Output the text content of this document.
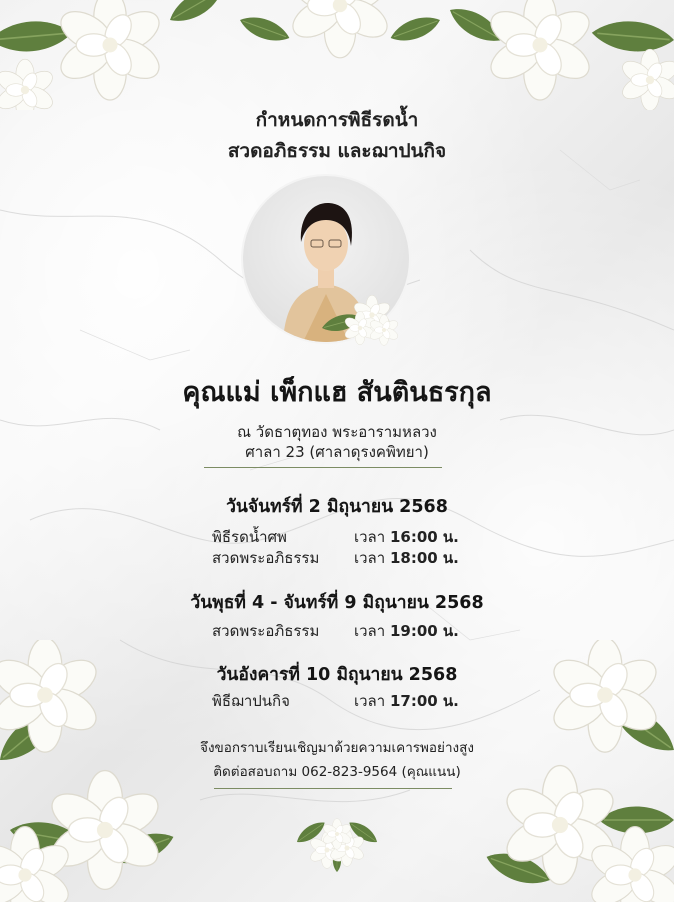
กำหนดการพิธีรดน้ำ
สวดอภิธรรม และฌาปนกิจ
คุณแม่ เพ็กแฮ สันตินธรกุล
ณ วัดธาตุทอง พระอารามหลวง
ศาลา 23 (ศาลาดุรงคพิทยา)
วันจันทร์ที่ 2 มิถุนายน 2568
พิธีรดน้ำศพ	เวลา 16:00 น.
สวดพระอภิธรรม เวลา 18:00 น.
วันพุธที่ 4 - จันทร์ที่ 9 มิถุนายน 2568
สวดพระอภิธรรม เวลา 19:00 น.
วันอังคารที่ 10 มิถุนายน 2568
พิธีฌาปนกิจ	เวลา 17:00 น.
จึงขอกราบเรียนเชิญมาด้วยความเคารพอย่างสูง
ติดต่อสอบถาม 062-823-9564 (คุณแนน)
